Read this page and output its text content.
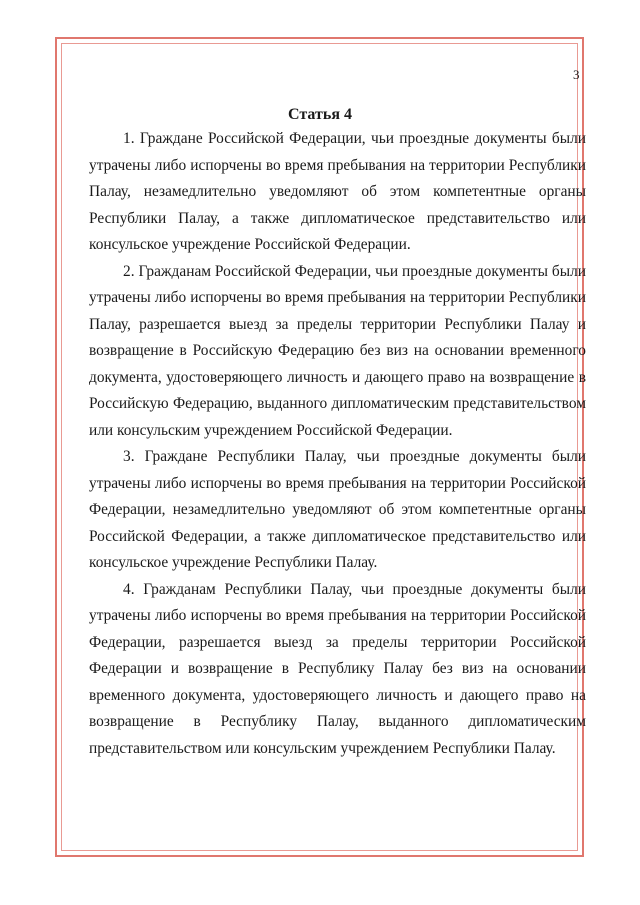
3
Статья 4

1. Граждане Российской Федерации, чьи проездные документы были утрачены либо испорчены во время пребывания на территории Республики Палау, незамедлительно уведомляют об этом компетентные органы Республики Палау, а также дипломатическое представительство или консульское учреждение Российской Федерации.

2. Гражданам Российской Федерации, чьи проездные документы были утрачены либо испорчены во время пребывания на территории Республики Палау, разрешается выезд за пределы территории Республики Палау и возвращение в Российскую Федерацию без виз на основании временного документа, удостоверяющего личность и дающего право на возвращение в Российскую Федерацию, выданного дипломатическим представительством или консульским учреждением Российской Федерации.

3. Граждане Республики Палау, чьи проездные документы были утрачены либо испорчены во время пребывания на территории Российской Федерации, незамедлительно уведомляют об этом компетентные органы Российской Федерации, а также дипломатическое представительство или консульское учреждение Республики Палау.

4. Гражданам Республики Палау, чьи проездные документы были утрачены либо испорчены во время пребывания на территории Российской Федерации, разрешается выезд за пределы территории Российской Федерации и возвращение в Республику Палау без виз на основании временного документа, удостоверяющего личность и дающего право на возвращение в Республику Палау, выданного дипломатическим представительством или консульским учреждением Республики Палау.
